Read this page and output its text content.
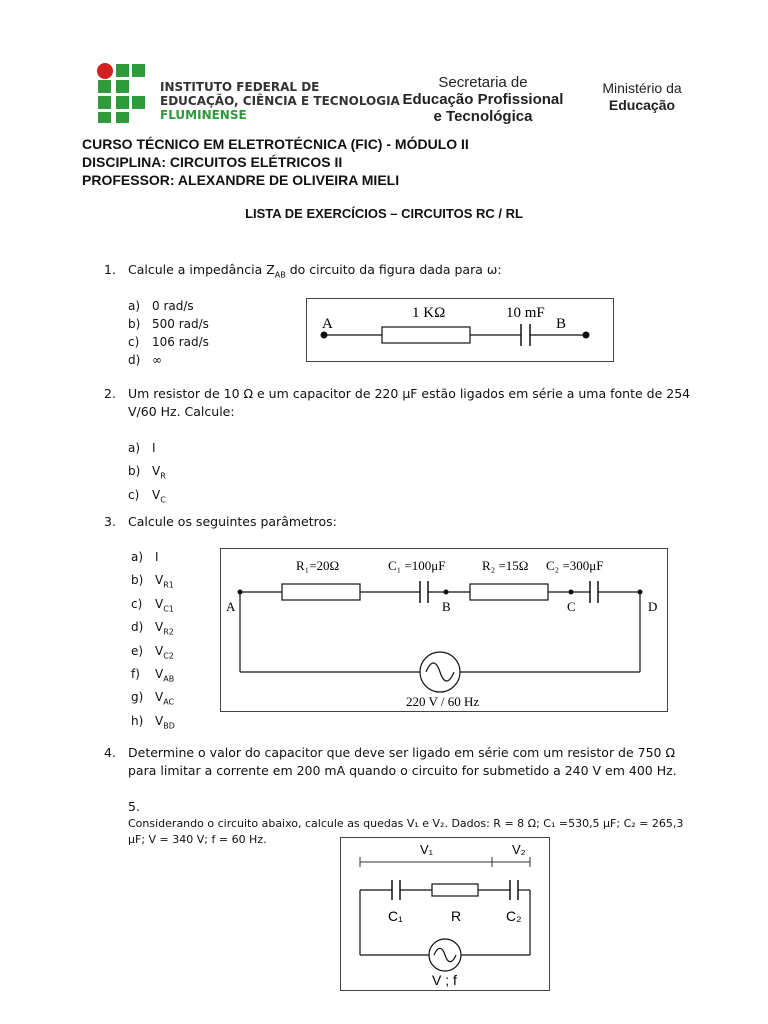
INSTITUTO FEDERAL DE
EDUCAÇÃO, CIÊNCIA E TECNOLOGIA
FLUMINENSE
Secretaria de
Educação Profissional
e Tecnológica
Ministério da
Educação
CURSO TÉCNICO EM ELETROTÉCNICA (FIC) - MÓDULO II
DISCIPLINA: CIRCUITOS ELÉTRICOS II
PROFESSOR: ALEXANDRE DE OLIVEIRA MIELI
LISTA DE EXERCÍCIOS – CIRCUITOS RC / RL
1. Calcule a impedância $Z_{AB}$ do circuito da figura dada para ω:
a) 0 rad/s
b) 500 rad/s
c) 106 rad/s
d) ∞
A	B
1 KΩ	10 mF
2. Um resistor de 10 Ω e um capacitor de 220 μF estão ligados em série a uma fonte de 254
V/60 Hz. Calcule:
a) I
b) $V_R$
c) $V_C$
3. Calcule os seguintes parâmetros:
a) I
b) $V_{R1}$
c) $V_{C1}$
d) $V_{R2}$
e) $V_{C2}$
f) $V_{AB}$
g) $V_{AC}$
h) $V_{BD}$
R₁=20Ω	C₁ =100μF	R₂ =15Ω C₂ =300μF
A	B	C	D
220 V / 60 Hz
4. Determine o valor do capacitor que deve ser ligado em série com um resistor de 750 Ω
para limitar a corrente em 200 mA quando o circuito for submetido a 240 V em 400 Hz.
5.
Considerando o circuito abaixo, calcule as quedas V₁ e V₂. Dados: R = 8 Ω; C₁ =530,5 μF; C₂ = 265,3
μF; V = 340 V; f = 60 Hz.
V₁	V₂
C₁	R	C₂
V ; f
